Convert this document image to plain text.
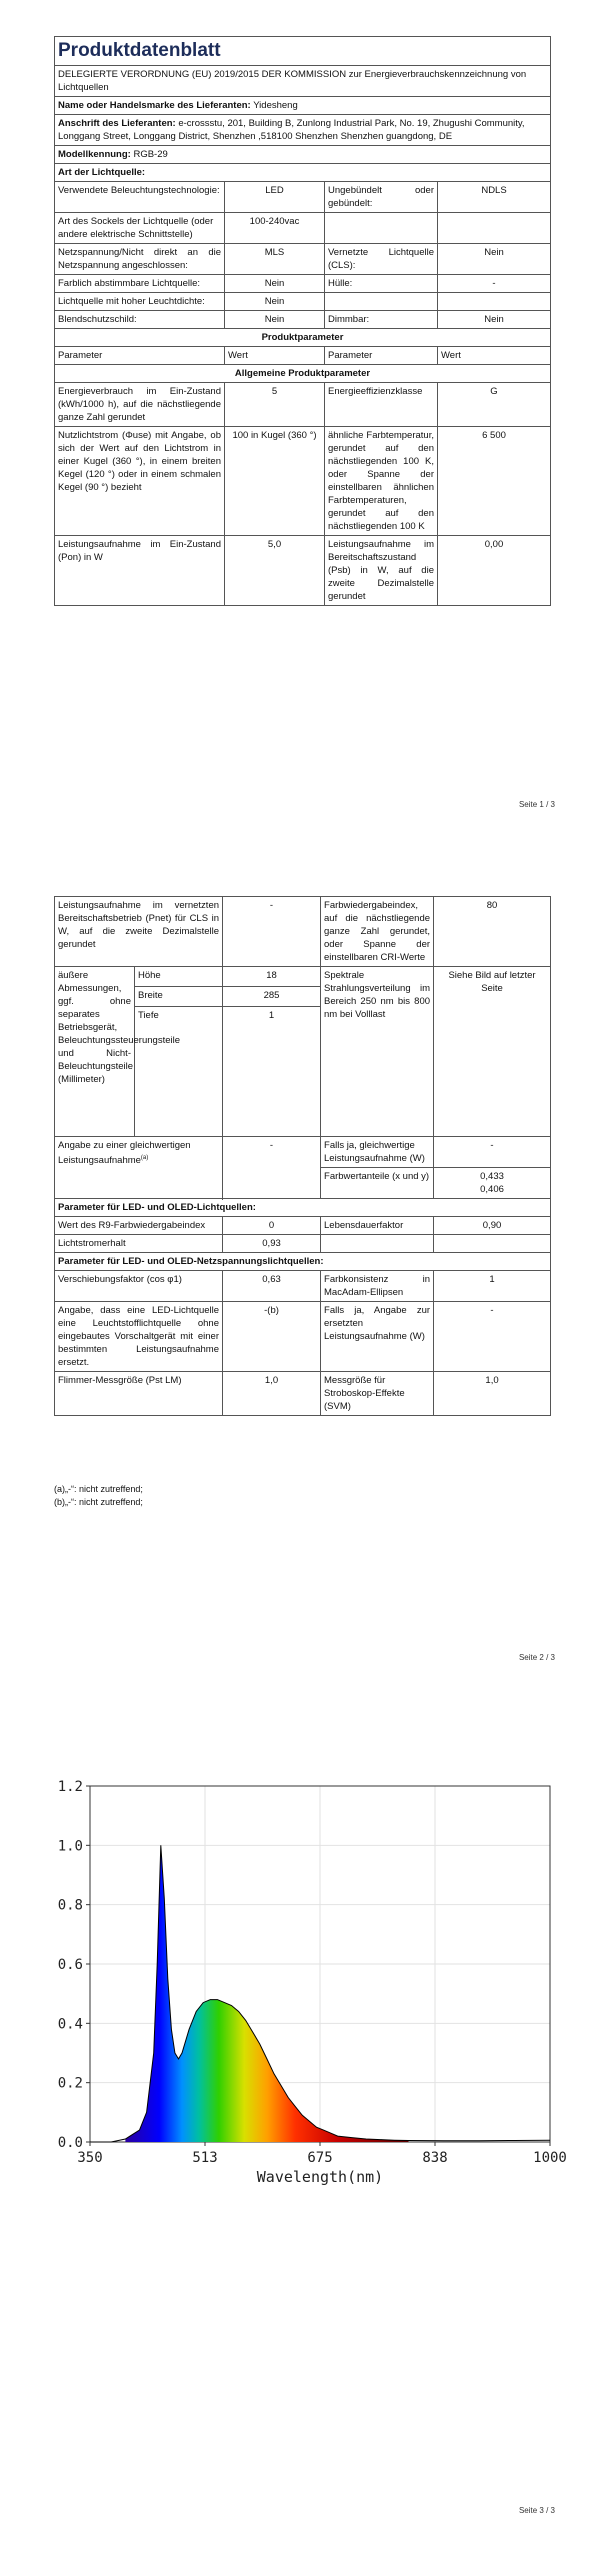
Produktdatenblatt			
DELEGIERTE VERORDNUNG (EU) 2019/2015 DER KOMMISSION zur Energieverbrauchskennzeichnung von Lichtquellen			
Name oder Handelsmarke des Lieferanten: Yidesheng			
Anschrift des Lieferanten: e-crossstu, 201, Building B, Zunlong Industrial Park, No. 19, Zhugushi Community, Longgang Street, Longgang District, Shenzhen ,518100 Shenzhen Shenzhen guangdong, DE			
Modellkennung: RGB-29			
Art der Lichtquelle:			
Verwendete Beleuchtungstechnologie:	LED	Ungebündelt oder gebündelt:	NDLS
Art des Sockels der Lichtquelle (oder andere elektrische Schnittstelle)	100-240vac		
Netzspannung/Nicht direkt an die Netzspannung angeschlossen:	MLS	Vernetzte Lichtquelle (CLS):	Nein
Farblich abstimmbare Lichtquelle:	Nein	Hülle:	-
Lichtquelle mit hoher Leuchtdichte:	Nein		
Blendschutzschild:	Nein	Dimmbar:	Nein
Produktparameter			
Parameter	Wert	Parameter	Wert
Allgemeine Produktparameter			
Energieverbrauch im Ein-Zustand (kWh/1000 h), auf die nächstliegende ganze Zahl gerundet	5	Energieeffizienzklasse	G
Nutzlichtstrom (Φuse) mit Angabe, ob sich der Wert auf den Lichtstrom in einer Kugel (360 °), in einem breiten Kegel (120 °) oder in einem schmalen Kegel (90 °) bezieht	100 in Kugel (360 °)	ähnliche Farbtemperatur, gerundet auf den nächstliegenden 100 K, oder Spanne der einstellbaren ähnlichen Farbtemperaturen, gerundet auf den nächstliegenden 100 K	6 500
Leistungsaufnahme im Ein-Zustand (Pon) in W	5,0	Leistungsaufnahme im Bereitschaftszustand (Psb) in W, auf die zweite Dezimalstelle gerundet	0,00
Seite 1 / 3
Leistungsaufnahme im vernetzten Bereitschaftsbetrieb (Pnet) für CLS in W, auf die zweite Dezimalstelle gerundet		-	Farbwiedergabeindex, auf die nächstliegende ganze Zahl gerundet, oder Spanne der einstellbaren CRI-Werte	80
äußere Abmessungen, ggf. ohne separates Betriebsgerät, Beleuchtungssteuerungsteile und Nicht-Beleuchtungsteile (Millimeter)	Höhe	18	Spektrale Strahlungsverteilung im Bereich 250 nm bis 800 nm bei Volllast	Siehe Bild auf letzter Seite
	Breite	285		
	Tiefe	1		
Angabe zu einer gleichwertigen Leistungsaufnahme$^{(a)}$		-	Falls ja, gleichwertige Leistungsaufnahme (W)	-
			Farbwertanteile (x und y)	0,433
0,406

Parameter für LED- und OLED-Lichtquellen:				
Wert des R9-Farbwiedergabeindex		0	Lebensdauerfaktor	0,90
Lichtstromerhalt		0,93		
Parameter für LED- und OLED-Netzspannungslichtquellen:				
Verschiebungsfaktor (cos φ1)		0,63	Farbkonsistenz in MacAdam-Ellipsen	1
Angabe, dass eine LED-Lichtquelle eine Leuchtstofflichtquelle ohne eingebautes Vorschaltgerät mit einer bestimmten Leistungsaufnahme ersetzt.		-(b)	Falls ja, Angabe zur ersetzten Leistungsaufnahme (W)	-
Flimmer-Messgröße (Pst LM)		1,0	Messgröße für Stroboskop-Effekte (SVM)	1,0
(a)„-“: nicht zutreffend;
(b)„-“: nicht zutreffend;
Seite 2 / 3
0.0
0.2
0.4
0.6
0.8
1.0
1.2
350	513	675	838	1000
Wavelength(nm)
Seite 3 / 3
